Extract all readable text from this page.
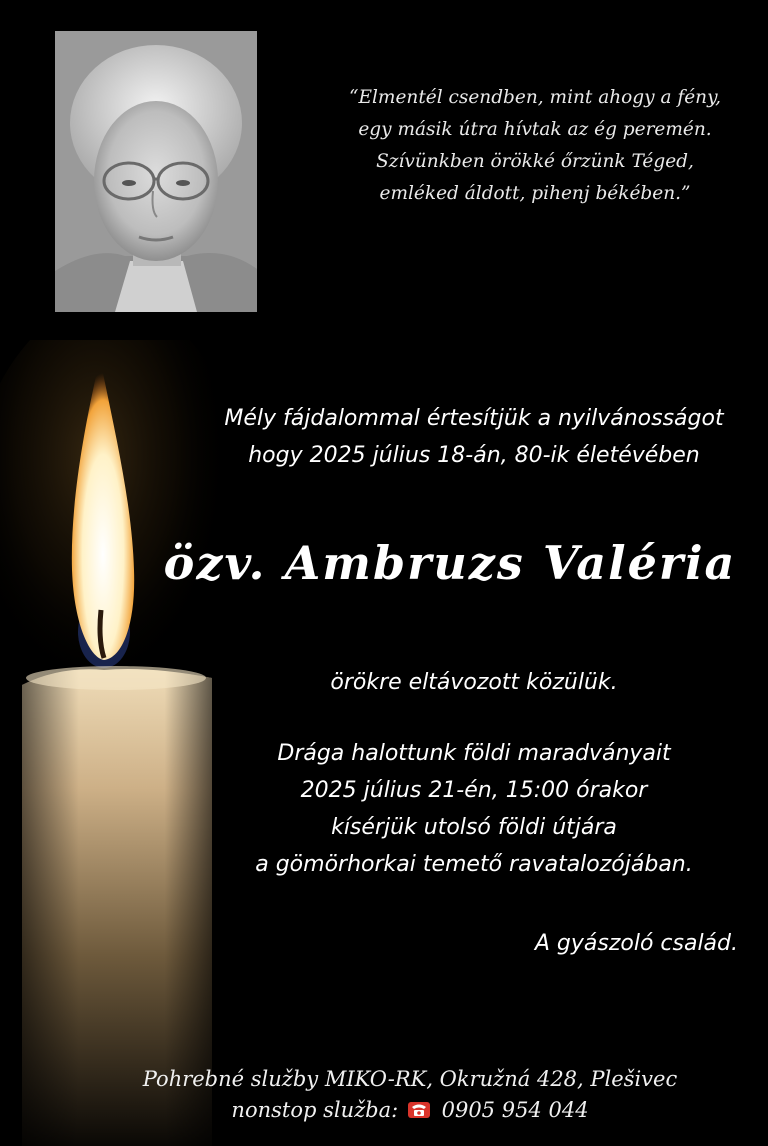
“Elmentél csendben, mint ahogy a fény,
egy másik útra hívtak az ég peremén.
Szívünkben örökké őrzünk Téged,
emléked áldott, pihenj békében.”
Mély fájdalommal értesítjük a nyilvánosságot
hogy 2025 július 18-án, 80-ik életévében
özv. Ambruzs Valéria
örökre eltávozott közülük.
Drága halottunk földi maradványait
2025 július 21-én, 15:00 órakor
kísérjük utolsó földi útjára
a gömörhorkai temető ravatalozójában.
A gyászoló család.
Pohrebné služby MIKO-RK, Okružná 428, Plešivec
nonstop služba: 0905 954 044
